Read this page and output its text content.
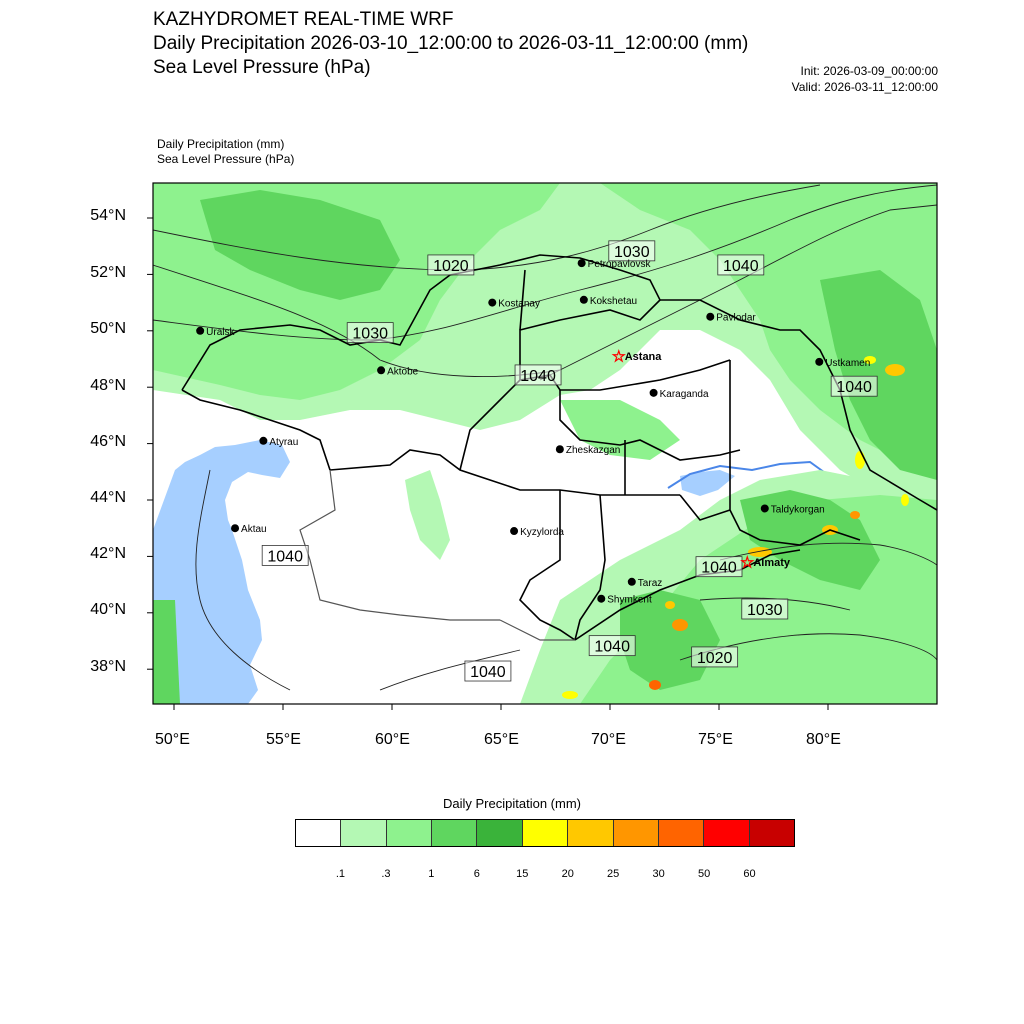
KAZHYDROMET REAL-TIME WRF
Daily Precipitation 2026-03-10_12:00:00 to 2026-03-11_12:00:00 (mm)
Sea Level Pressure (hPa)	Init: 2026-03-09_00:00:00
Valid: 2026-03-11_12:00:00
Daily Precipitation (mm)
Sea Level Pressure (hPa)
1020
1030
1040
1030
1040
1040
1040
1040
1030
1040
1020
1040
Petropavlovsk
Kostanay	Kokshetau
Pavlodar
Uralsk
★ Astana
Aktobe
Ustkamen
Karaganda
Atyrau
Zheskazgan
Taldykorgan
Aktau	Kyzylorda
★ Almaty
Taraz
Shymkent
54°N
52°N
50°N
48°N
46°N
44°N
42°N
40°N
38°N
50°E	55°E	60°E	65°E	70°E	75°E	80°E
Daily Precipitation (mm)
.1	.3	1	6	15	20	25	30	50	60
